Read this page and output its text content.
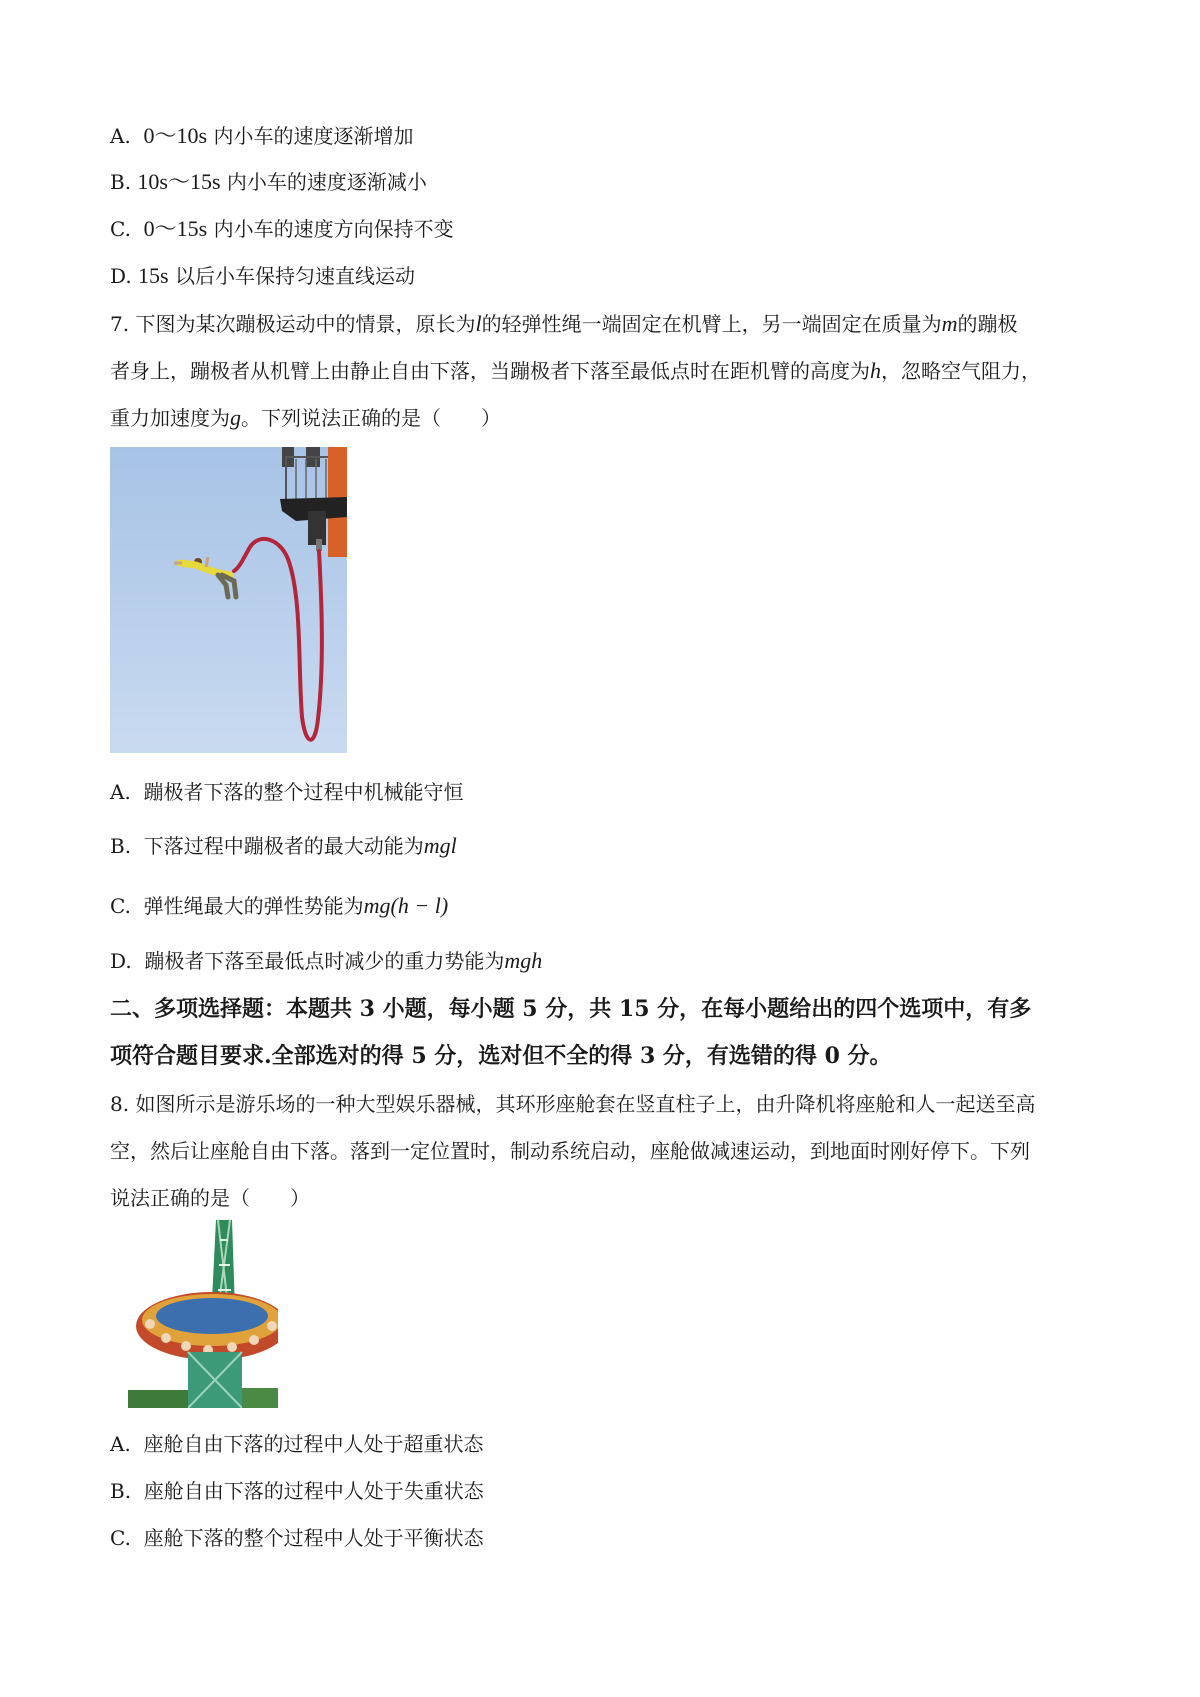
A. 0～10s 内小车的速度逐渐增加
B. 10s～15s 内小车的速度逐渐减小
C. 0～15s 内小车的速度方向保持不变
D. 15s 以后小车保持匀速直线运动
7. 下图为某次蹦极运动中的情景，原长为l的轻弹性绳一端固定在机臂上，另一端固定在质量为m的蹦极
者身上，蹦极者从机臂上由静止自由下落，当蹦极者下落至最低点时在距机臂的高度为h，忽略空气阻力，
重力加速度为g。下列说法正确的是（　　）
A. 蹦极者下落的整个过程中机械能守恒
B. 下落过程中蹦极者的最大动能为mgl
C. 弹性绳最大的弹性势能为mg(h − l)
D. 蹦极者下落至最低点时减少的重力势能为mgh
二、多项选择题：本题共 3 小题，每小题 5 分，共 15 分，在每小题给出的四个选项中，有多
项符合题目要求.全部选对的得 5 分，选对但不全的得 3 分，有选错的得 0 分。
8. 如图所示是游乐场的一种大型娱乐器械，其环形座舱套在竖直柱子上，由升降机将座舱和人一起送至高
空，然后让座舱自由下落。落到一定位置时，制动系统启动，座舱做减速运动，到地面时刚好停下。下列
说法正确的是（　　）
A. 座舱自由下落的过程中人处于超重状态
B. 座舱自由下落的过程中人处于失重状态
C. 座舱下落的整个过程中人处于平衡状态
